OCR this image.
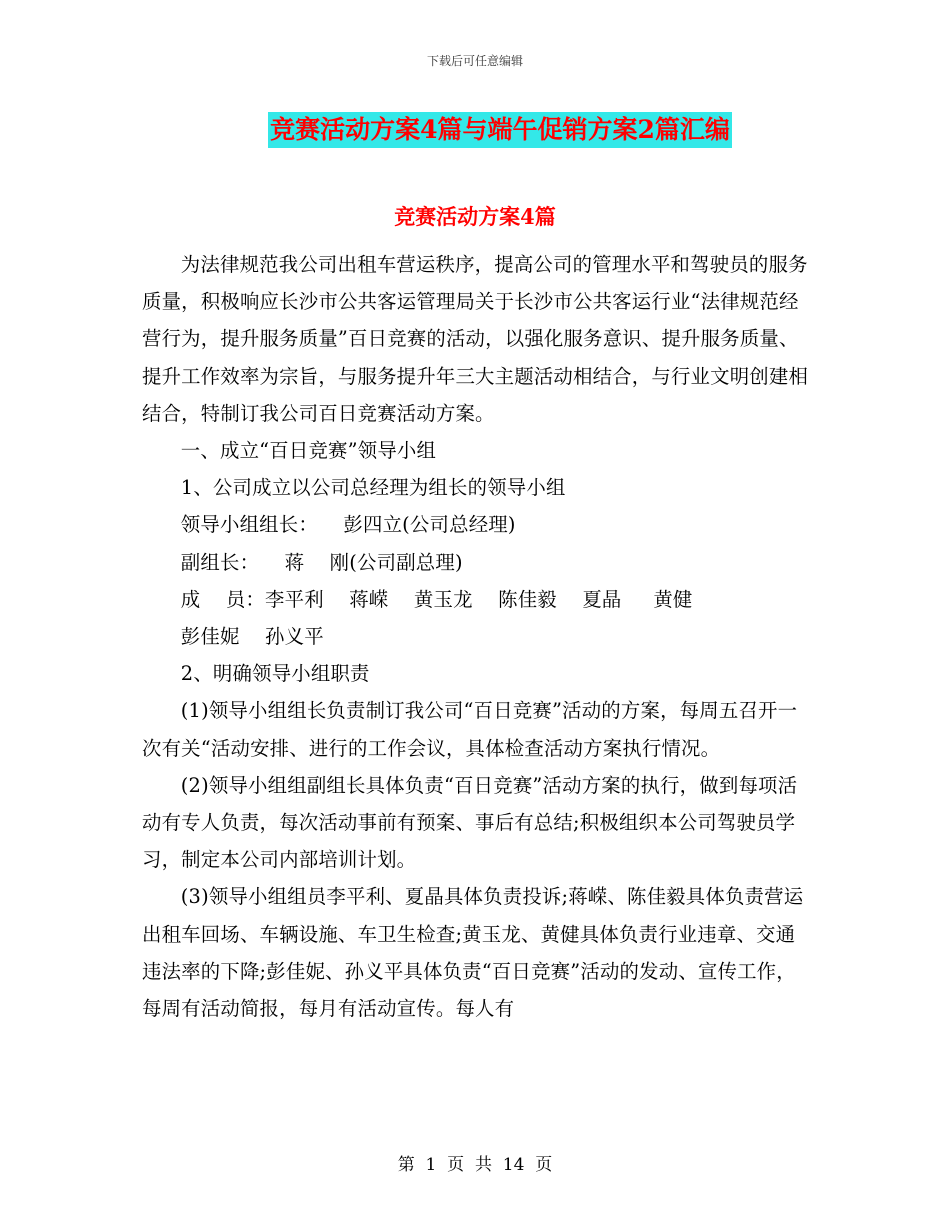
下载后可任意编辑
竞赛活动方案4篇与端午促销方案2篇汇编
竞赛活动方案4篇

为法律规范我公司出租车营运秩序，提高公司的管理水平和驾驶员的服务质量，积极响应长沙市公共客运管理局关于长沙市公共客运行业“法律规范经营行为，提升服务质量”百日竞赛的活动，以强化服务意识、提升服务质量、提升工作效率为宗旨，与服务提升年三大主题活动相结合，与行业文明创建相结合，特制订我公司百日竞赛活动方案。

一、成立“百日竞赛”领导小组

1、公司成立以公司总经理为组长的领导小组

领导小组组长：    彭四立(公司总经理)

副组长：    蒋    刚(公司副总理)

成    员：李平利    蒋嵘    黄玉龙    陈佳毅    夏晶     黄健

彭佳妮    孙义平

2、明确领导小组职责

(1)领导小组组长负责制订我公司“百日竞赛”活动的方案，每周五召开一次有关“活动安排、进行的工作会议，具体检查活动方案执行情况。

(2)领导小组组副组长具体负责“百日竞赛”活动方案的执行，做到每项活动有专人负责，每次活动事前有预案、事后有总结;积极组织本公司驾驶员学习，制定本公司内部培训计划。

(3)领导小组组员李平利、夏晶具体负责投诉;蒋嵘、陈佳毅具体负责营运出租车回场、车辆设施、车卫生检查;黄玉龙、黄健具体负责行业违章、交通违法率的下降;彭佳妮、孙义平具体负责“百日竞赛”活动的发动、宣传工作，每周有活动简报，每月有活动宣传。每人有

第  1  页  共  14  页
